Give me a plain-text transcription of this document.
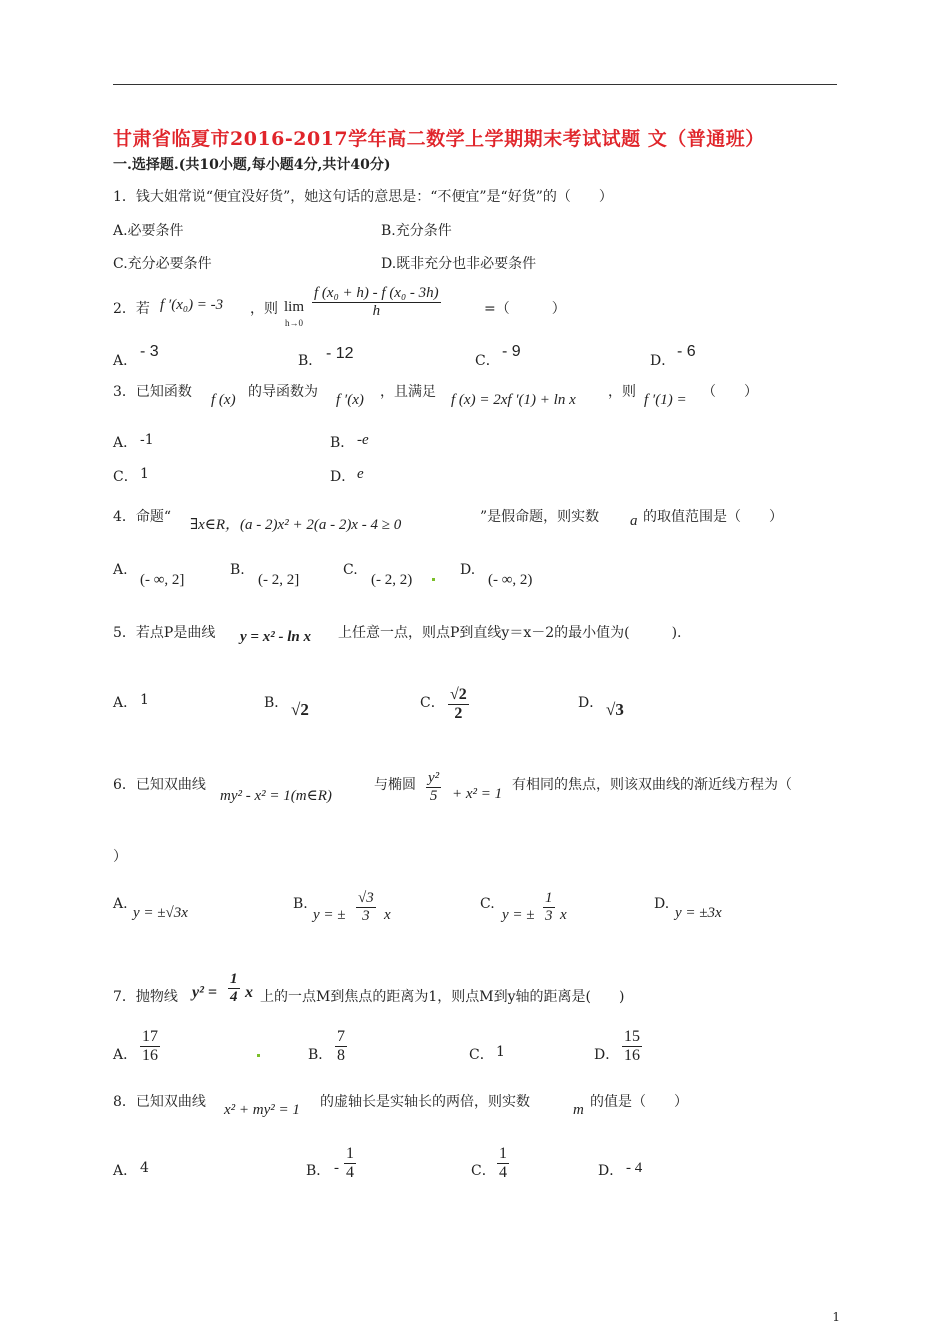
甘肃省临夏市2016-2017学年高二数学上学期期末考试试题 文（普通班）
一.选择题.(共10小题,每小题4分,共计40分)
1．钱大姐常说“便宜没好货”，她这句话的意思是：“不便宜”是“好货”的（　　）
A.必要条件	B.充分条件
C.充分必要条件	D.既非充分也非必要条件
2．若 f ′(x₀) = -3 ，则 lim
h→0
$\frac{\text{f (x₀ + h) - f (x₀ - 3h)}}{h}$	=（　　　）
A．
- 3
B． - 12	C．
- 9
D．
- 6
3．已知函数 f (x) 的导函数为 f ′(x) ，且满足 f (x) = 2xf ′(1) + ln x ，则 f ′(1) = （　　）
A． -1	B． -e
C． 1	D． e
4．命题“ ∃x∈R，(a - 2)x² + 2(a - 2)x - 4 ≥ 0	”是假命题，则实数 a 的取值范围是（　　）
A.
(- ∞, 2]
B.
(- 2, 2]
C.
(- 2, 2)
D.
(- ∞, 2)
5．若点P是曲线 y = x² - ln x 上任意一点，则点P到直线y＝x－2的最小值为(　　　).
A． 1	B． √2	C． $\frac{√2}{2}$	D． √3
6．已知双曲线
my² - x² = 1(m∈R)
与椭圆 $\frac{\text{y²}}{5} + x^2 = 1$
有相同的焦点，则该双曲线的渐近线方程为（
）
A.
y = ±√3x
B.
y = ± $\frac{√3}{3}$ x
C.
y = ± $\frac{1}{3}$ x
D.
y = ±3x
7．抛物线 $y^2 = \frac{1}{4}$ x 上的一点M到焦点的距离为1，则点M到y轴的距离是(　　)
A． $\frac{17}{16}$	B． $\frac{7}{8}$	C． 1	D． $\frac{15}{16}$
8．已知双曲线 x² + my² = 1 的虚轴长是实轴长的两倍，则实数	m 的值是（　　）
A． 4	B． - $\frac{1}{4}$	C． $\frac{1}{4}$	D． - 4
1
